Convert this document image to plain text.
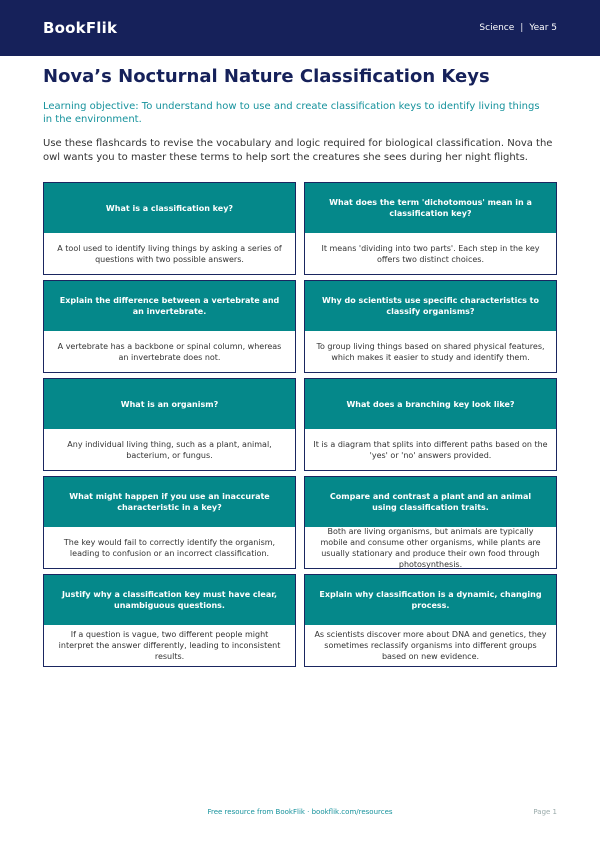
BookFlik	Science | Year 5
Nova’s Nocturnal Nature Classification Keys

Learning objective: To understand how to use and create classification keys to identify living things in the environment.

Use these flashcards to revise the vocabulary and logic required for biological classification. Nova the owl wants you to master these terms to help sort the creatures she sees during her night flights.

What is a classification key?
A tool used to identify living things by asking a series of questions with two possible answers.
What does the term 'dichotomous' mean in a classification key?
It means 'dividing into two parts'. Each step in the key offers two distinct choices.
Explain the difference between a vertebrate and an invertebrate.
A vertebrate has a backbone or spinal column, whereas an invertebrate does not.
Why do scientists use specific characteristics to classify organisms?
To group living things based on shared physical features, which makes it easier to study and identify them.
What is an organism?
Any individual living thing, such as a plant, animal, bacterium, or fungus.
What does a branching key look like?
It is a diagram that splits into different paths based on the 'yes' or 'no' answers provided.
What might happen if you use an inaccurate characteristic in a key?
The key would fail to correctly identify the organism, leading to confusion or an incorrect classification.
Compare and contrast a plant and an animal using classification traits.
Both are living organisms, but animals are typically mobile and consume other organisms, while plants are usually stationary and produce their own food through photosynthesis.
Justify why a classification key must have clear, unambiguous questions.
If a question is vague, two different people might interpret the answer differently, leading to inconsistent results.
Explain why classification is a dynamic, changing process.
As scientists discover more about DNA and genetics, they sometimes reclassify organisms into different groups based on new evidence.
Free resource from BookFlik · bookflik.com/resources	Page 1
